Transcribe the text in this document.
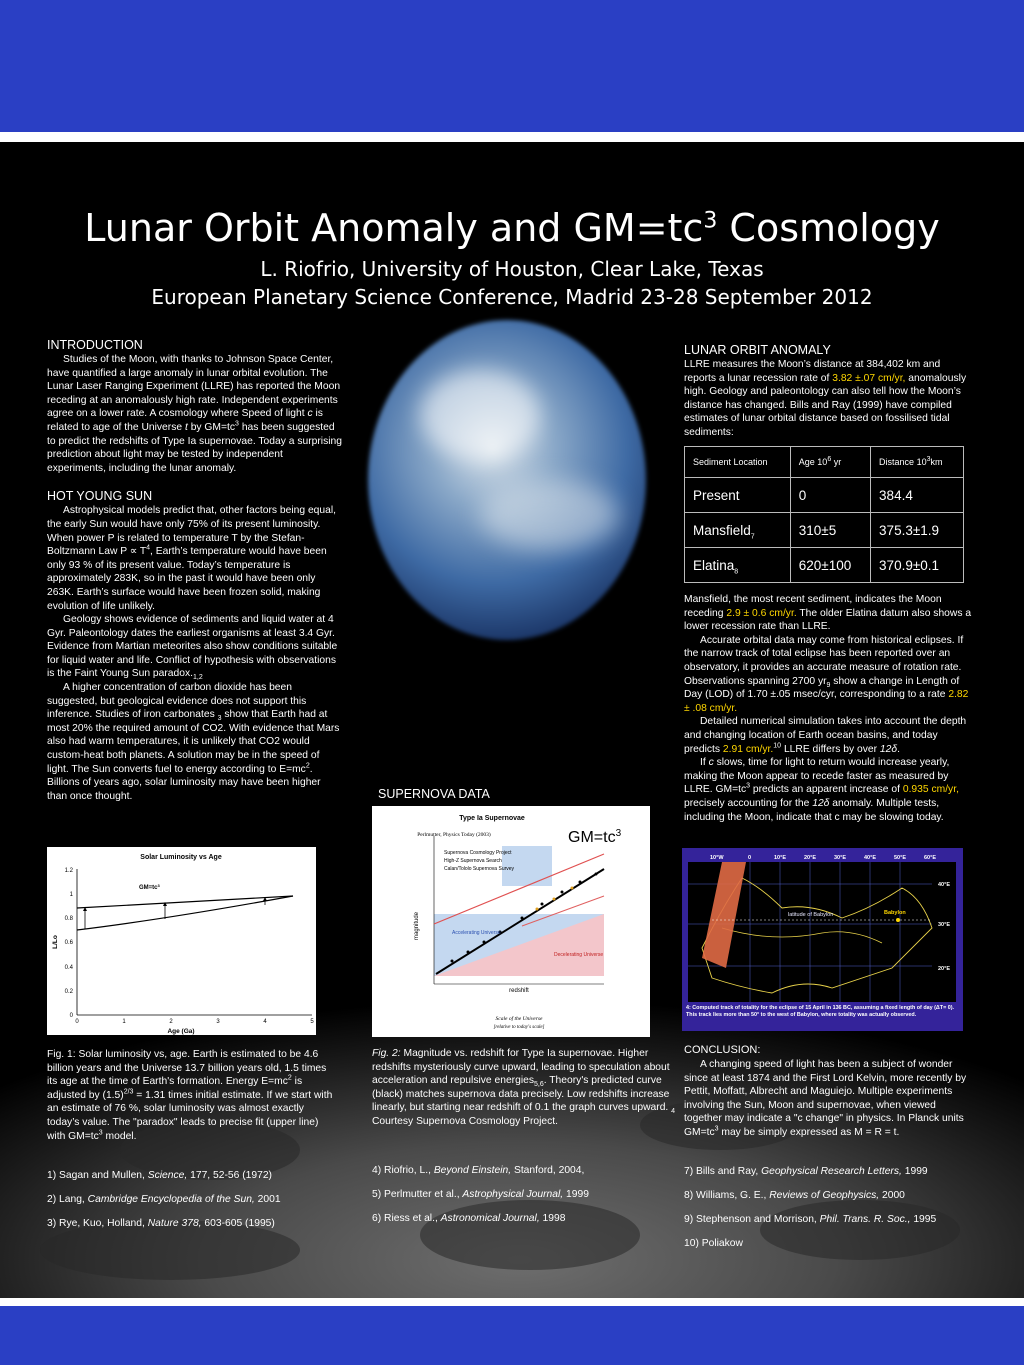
Lunar Orbit Anomaly and $GM=tc^3$ Cosmology
L. Riofrio, University of Houston, Clear Lake, Texas
European Planetary Science Conference, Madrid 23-28 September 2012

INTRODUCTION

Studies of the Moon, with thanks to Johnson Space Center, have quantified a large anomaly in lunar orbital evolution. The Lunar Laser Ranging Experiment (LLRE) has reported the Moon receding at an anomalously high rate. Independent experiments agree on a lower rate. A cosmology where Speed of light c is related to age of the Universe t by $GM=tc^3$ has been suggested to predict the redshifts of Type Ia supernovae. Today a surprising prediction about light may be tested by independent experiments, including the lunar anomaly.

HOT YOUNG SUN

Astrophysical models predict that, other factors being equal, the early Sun would have only 75% of its present luminosity. When power P is related to temperature T by the Stefan-Boltzmann Law $P \propto T^4$, Earth’s temperature would have been only 93 % of its present value. Today’s temperature is approximately 283K, so in the past it would have been only 263K. Earth’s surface would have been frozen solid, making evolution of life unlikely.

Geology shows evidence of sediments and liquid water at 4 Gyr. Paleontology dates the earliest organisms at least 3.4 Gyr. Evidence from Martian meteorites also show conditions suitable for liquid water and life. Conflict of hypothesis with observations is the Faint Young Sun $paradox._{1,2}$

A higher concentration of carbon dioxide has been suggested, but geological evidence does not support this inference. Studies of iron carbonates $_3$ show that Earth had at most 20% the required amount of CO2. With evidence that Mars also had warm temperatures, it is unlikely that CO2 would custom-heat both planets. A solution may be in the speed of light. The Sun converts fuel to energy according to $E=mc^2$. Billions of years ago, solar luminosity may have been higher than once thought.

Solar Luminosity vs Age
0
0.2
0.4
0.6
0.8
1
1.2
0	1	2	3	4	5
Age (Ga)
L/Lo
$GM=tc^3$

Fig. 1: Solar luminosity vs, age. Earth is estimated to be 4.6 billion years and the Universe 13.7 billion years old, 1.5 times its age at the time of Earth's formation. Energy $E=mc^2$ is adjusted by $(1.5)^{2/3} = 1.31$ times initial estimate. If we start with an estimate of 76 %, solar luminosity was almost exactly today’s value. The "paradox" leads to precise fit (upper line) with $GM=tc^3$ model.

1) Sagan and Mullen, Science, 177, 52-56 (1972)

2) Lang, Cambridge Encyclopedia of the Sun, 2001

3) Rye, Kuo, Holland, Nature 378, 603-605 (1995)

SUPERNOVA DATA

Type Ia Supernovae
Perlmutter, Physics Today (2003)	$GM=tc^3$
Supernova Cosmology Project
High-Z Supernova Search
Calan/Tololo Supernova Survey
Accelerating Universe
Decelerating Universe
redshift
magnitude
Scale of the Universe
[relative to today's scale]

Fig. 2: Magnitude vs. redshift for Type Ia supernovae. Higher redshifts mysteriously curve upward, leading to speculation about acceleration and repulsive energies$_{5,6}$. Theory's predicted curve (black) matches supernova data precisely. Low redshifts increase linearly, but starting near redshift of 0.1 the graph curves upward. $_4$ Courtesy Supernova Cosmology Project.

4) Riofrio, L., Beyond Einstein, Stanford, 2004,

5) Perlmutter et al., Astrophysical Journal, 1999

6) Riess et al., Astronomical Journal, 1998

LUNAR ORBIT ANOMALY

LLRE measures the Moon’s distance at 384,402 km and reports a lunar recession rate of 3.82 ±.07 cm/yr, anomalously high. Geology and paleontology can also tell how the Moon’s distance has changed. Bills and Ray (1999) have compiled estimates of lunar orbital distance based on fossilised tidal sediments:

Sediment Location	Age $10^6$ yr	Distance $10^3km$
Present	0	384.4
Mansfield$_7$	310±5	375.3±1.9
Elatina$_8$	620±100	370.9±0.1

Mansfield, the most recent sediment, indicates the Moon receding 2.9 ± 0.6 cm/yr. The older Elatina datum also shows a lower recession rate than LLRE.

Accurate orbital data may come from historical eclipses. If the narrow track of total eclipse has been reported over an observatory, it provides an accurate measure of rotation rate. Observations spanning 2700 $yr_9$ show a change in Length of Day (LOD) of 1.70 ±.05 msec/cyr, corresponding to a rate 2.82 ± .08 cm/yr.

Detailed numerical simulation takes into account the depth and changing location of Earth ocean basins, and today predicts 2.91 cm/yr.$^{10}$ LLRE differs by over 12δ.

If c slows, time for light to return would increase yearly, making the Moon appear to recede faster as measured by LLRE. $GM=tc^3$ predicts an apparent increase of 0.935 cm/yr, precisely accounting for the 12δ anomaly. Multiple tests, including the Moon, indicate that c may be slowing today.

10°W	0	10°E	20°E	30°E	40°E	50°E	60°E
40°E
30°E
20°E
latitude of Babylon	Babylon
4: Computed track of totality for the eclipse of 15 April in 136 BC, assuming a fixed length of day (ΔT= 0). This track lies more than 50° to the west of Babylon, where totality was actually observed.

CONCLUSION:

A changing speed of light has been a subject of wonder since at least 1874 and the First Lord Kelvin, more recently by Pettit, Moffatt, Albrecht and Maguiejo. Multiple experiments involving the Sun, Moon and supernovae, when viewed together may indicate a "c change" in physics. In Planck units $GM=tc^3$ may be simply expressed as M = R = t.

7) Bills and Ray, Geophysical Research Letters, 1999

8) Williams, G. E., Reviews of Geophysics, 2000

9) Stephenson and Morrison, Phil. Trans. R. Soc., 1995

10) Poliakow
